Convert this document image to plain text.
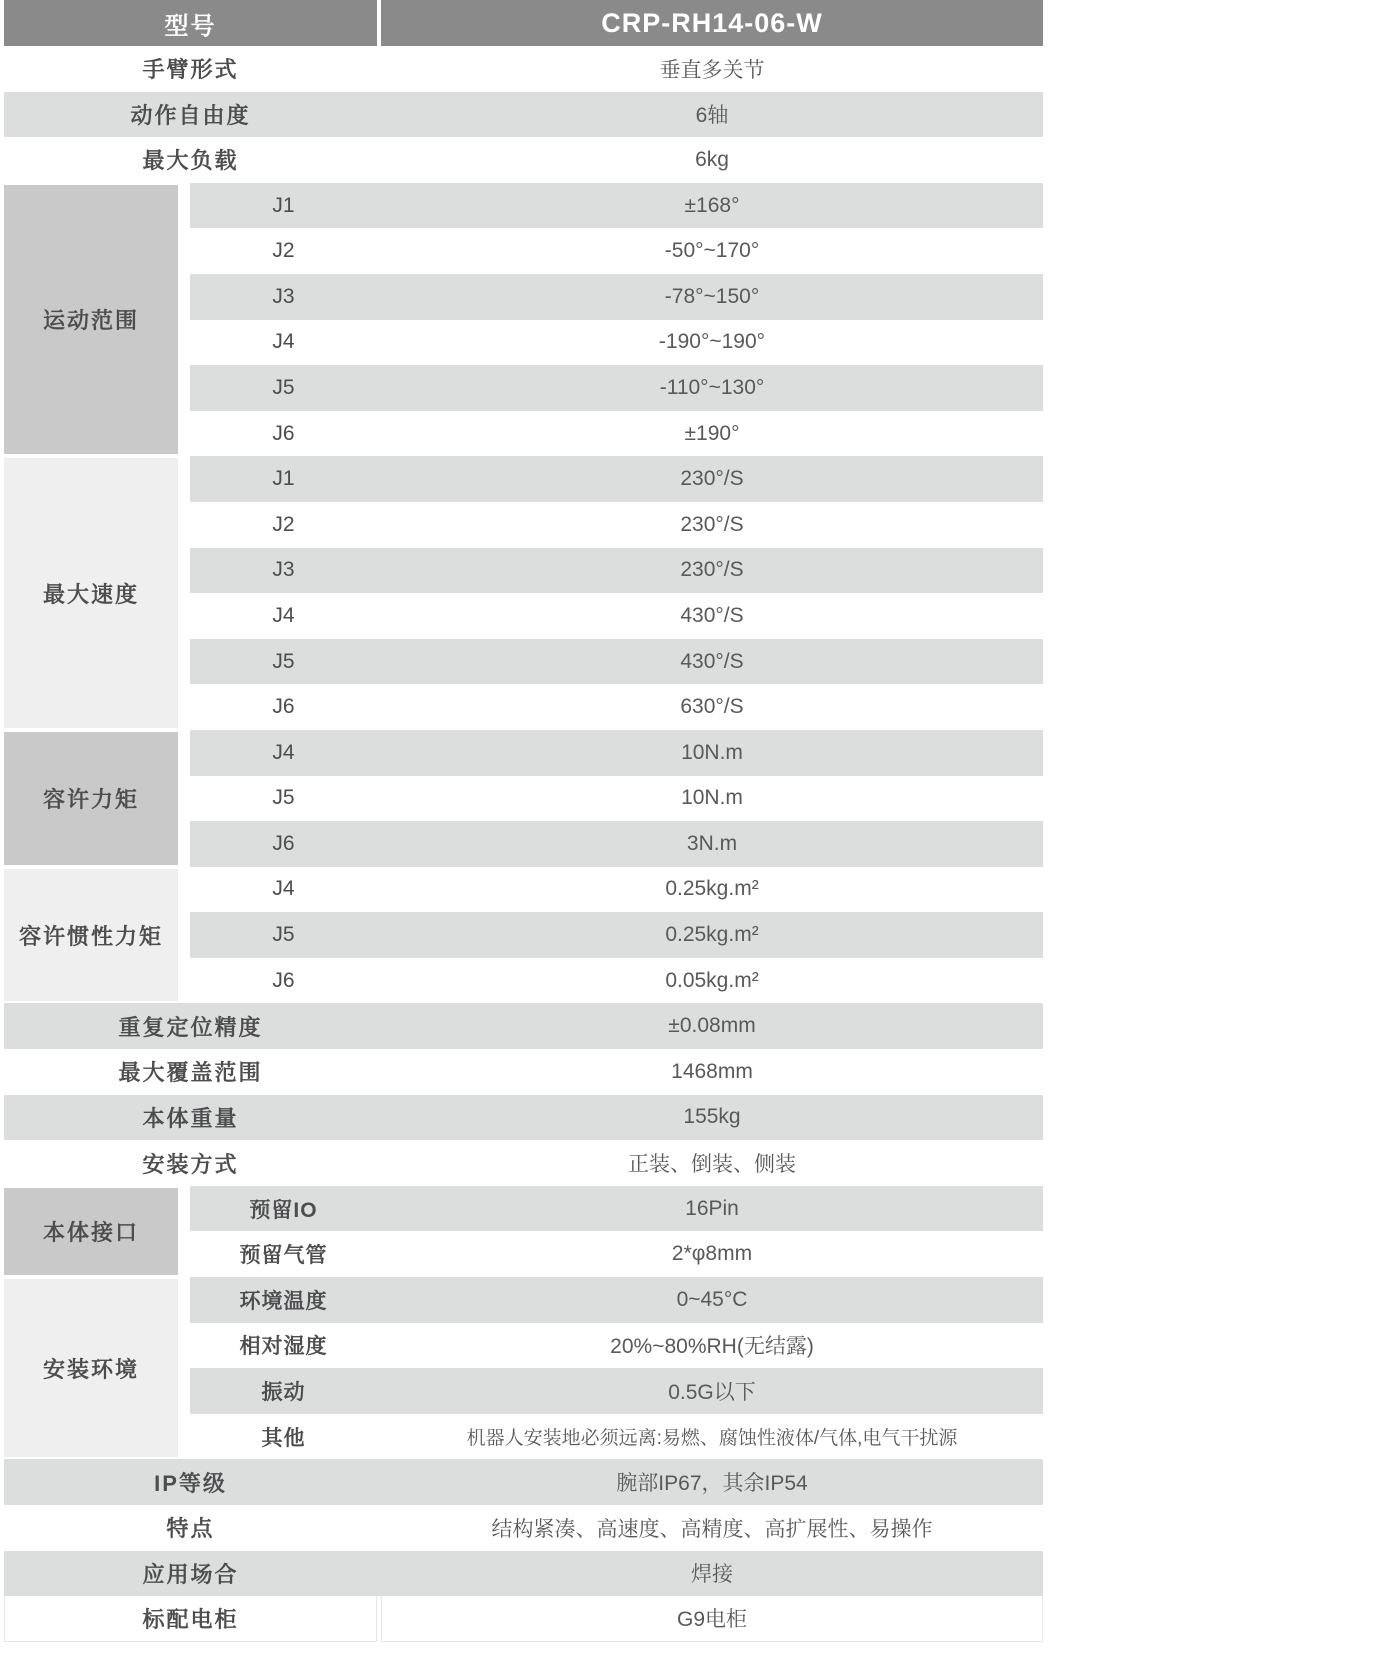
型号	CRP-RH14-06-W
手臂形式	垂直多关节
动作自由度	6轴
最大负载	6kg
运动范围
J1	±168°
J2	-50°~170°
J3	-78°~150°
J4	-190°~190°
J5	-110°~130°
J6	±190°
最大速度
J1	230°/S
J2	230°/S
J3	230°/S
J4	430°/S
J5	430°/S
J6	630°/S
容许力矩
J4	10N.m
J5	10N.m
J6	3N.m
容许惯性力矩
J4	0.25kg.m²
J5	0.25kg.m²
J6	0.05kg.m²
重复定位精度	±0.08mm
最大覆盖范围	1468mm
本体重量	155kg
安装方式	正装、倒装、侧装
本体接口
预留IO	16Pin
预留气管	2*φ8mm
安装环境
环境温度	0~45°C
相对湿度	20%~80%RH(无结露)
振动	0.5G以下
其他	机器人安装地必须远离:易燃、腐蚀性液体/气体,电气干扰源
IP等级	腕部IP67，其余IP54
特点	结构紧凑、高速度、高精度、高扩展性、易操作
应用场合	焊接
标配电柜	G9电柜
